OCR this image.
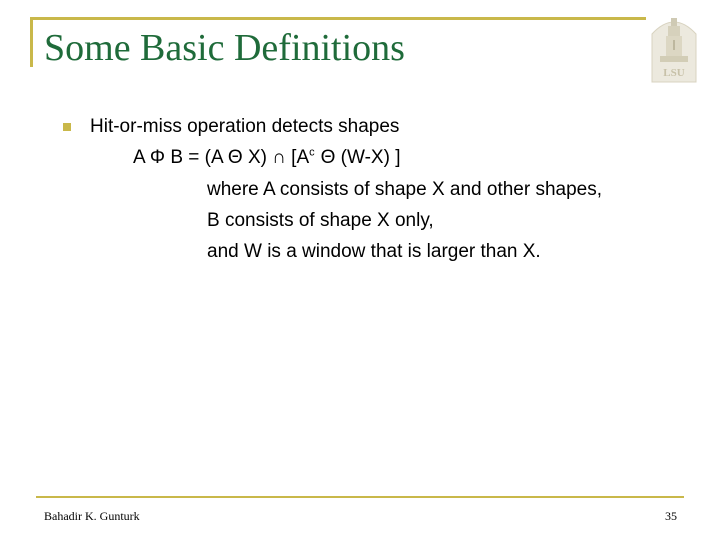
Some Basic Definitions
LSU
Hit-or-miss operation detects shapes
A Φ B = (A Θ X) ∩ [$A^c$ Θ (W-X) ]
where A consists of shape X and other shapes,
B consists of shape X only,
and W is a window that is larger than X.
Bahadir K. Gunturk	35
